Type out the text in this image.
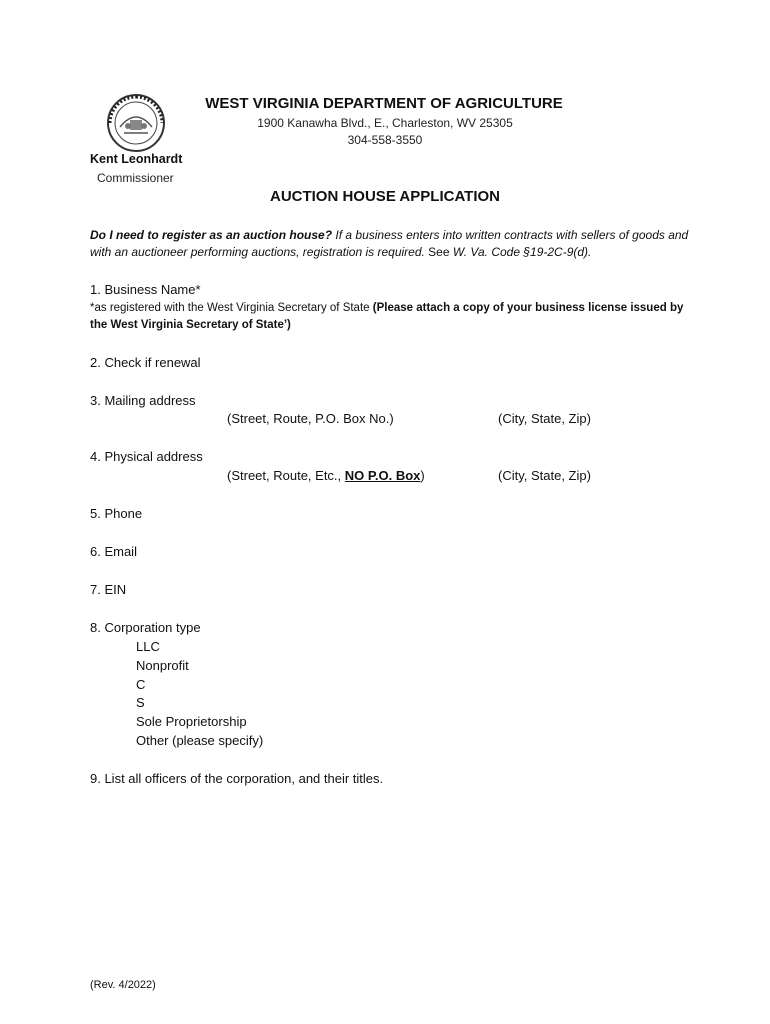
WEST VIRGINIA DEPARTMENT OF AGRICULTURE
1900 Kanawha Blvd., E., Charleston, WV 25305
304-558-3550
Kent Leonhardt
Commissioner
AUCTION HOUSE APPLICATION
Do I need to register as an auction house? If a business enters into written contracts with sellers of goods and with an auctioneer performing auctions, registration is required. See W. Va. Code §19-2C-9(d).
1. Business Name*
*as registered with the West Virginia Secretary of State (Please attach a copy of your business license issued by the West Virginia Secretary of State’)
2. Check if renewal
3. Mailing address
(Street, Route, P.O. Box No.)	(City, State, Zip)
4. Physical address
(Street, Route, Etc., NO P.O. Box)	(City, State, Zip)
5. Phone
6. Email
7. EIN
8. Corporation type
LLC
Nonprofit
C
S
Sole Proprietorship
Other (please specify)
9. List all officers of the corporation, and their titles.
(Rev. 4/2022)
